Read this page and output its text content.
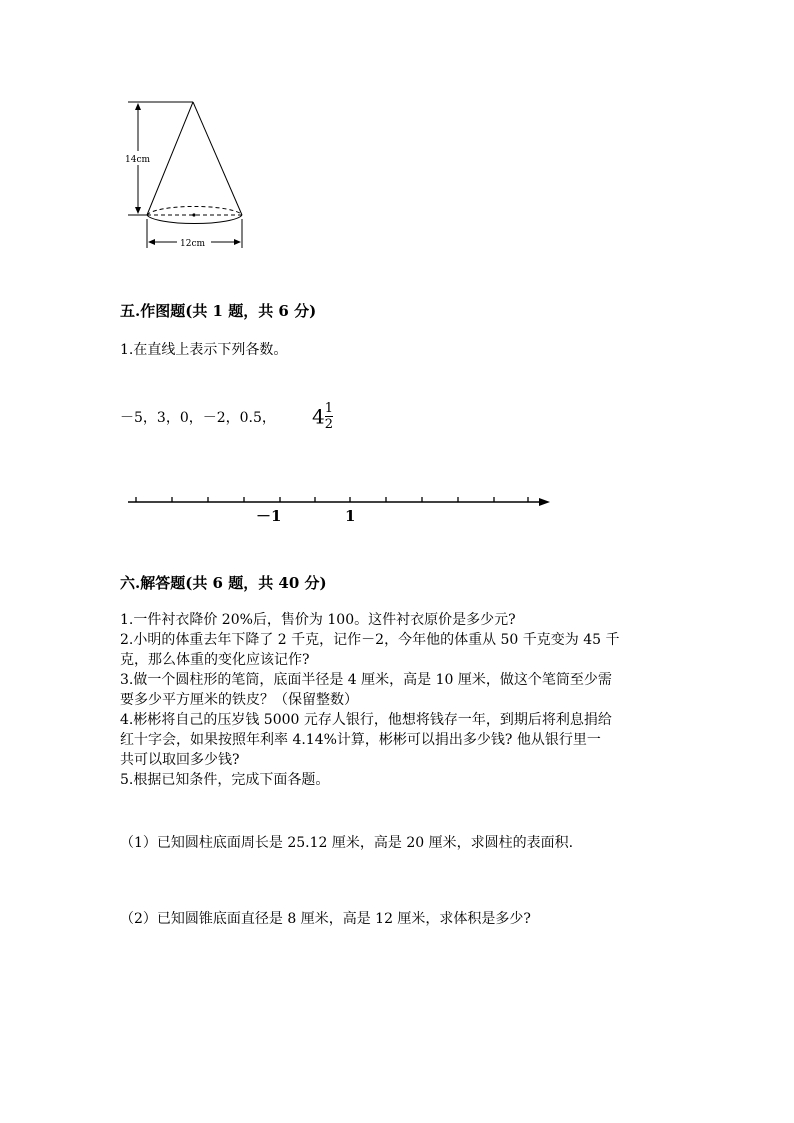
14cm
12cm
五.作图题(共 1 题，共 6 分)
1.在直线上表示下列各数。
－5，3，0，－2，0.5， $4 \frac{1}{2}$
－1	1
六.解答题(共 6 题，共 40 分)
1.一件衬衣降价 20%后，售价为 100。这件衬衣原价是多少元?
2.小明的体重去年下降了 2 千克，记作－2，今年他的体重从 50 千克变为 45 千
克，那么体重的变化应该记作?
3.做一个圆柱形的笔筒，底面半径是 4 厘米，高是 10 厘米，做这个笔筒至少需
要多少平方厘米的铁皮？（保留整数）
4.彬彬将自己的压岁钱 5000 元存人银行，他想将钱存一年，到期后将利息捐给
红十字会，如果按照年利率 4.14%计算，彬彬可以捐出多少钱? 他从银行里一
共可以取回多少钱?
5.根据已知条件，完成下面各题。
（1）已知圆柱底面周长是 25.12 厘米，高是 20 厘米，求圆柱的表面积.
（2）已知圆锥底面直径是 8 厘米，高是 12 厘米，求体积是多少?
